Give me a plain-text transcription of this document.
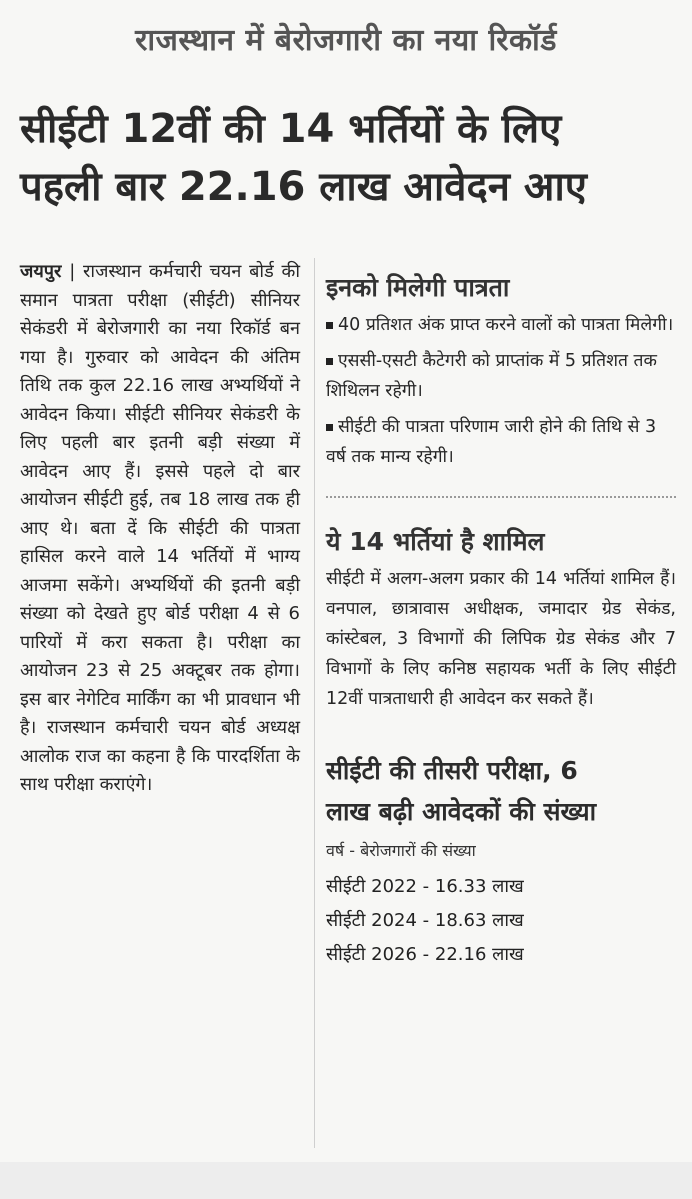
राजस्थान में बेरोजगारी का नया रिकॉर्ड
सीईटी 12वीं की 14 भर्तियों के लिए
पहली बार 22.16 लाख आवेदन आए
जयपुर | राजस्थान कर्मचारी चयन बोर्ड की समान पात्रता परीक्षा (सीईटी) सीनियर सेकंडरी में बेरोजगारी का नया रिकॉर्ड बन गया है। गुरुवार को आवेदन की अंतिम तिथि तक कुल 22.16 लाख अभ्यर्थियों ने आवेदन किया। सीईटी सीनियर सेकंडरी के लिए पहली बार इतनी बड़ी संख्या में आवेदन आए हैं। इससे पहले दो बार आयोजन सीईटी हुई, तब 18 लाख तक ही आए थे। बता दें कि सीईटी की पात्रता हासिल करने वाले 14 भर्तियों में भाग्य आजमा सकेंगे। अभ्यर्थियों की इतनी बड़ी संख्या को देखते हुए बोर्ड परीक्षा 4 से 6 पारियों में करा सकता है। परीक्षा का आयोजन 23 से 25 अक्टूबर तक होगा। इस बार नेगेटिव मार्किंग का भी प्रावधान भी है। राजस्थान कर्मचारी चयन बोर्ड अध्यक्ष आलोक राज का कहना है कि पारदर्शिता के साथ परीक्षा कराएंगे।
इनको मिलेगी पात्रता
40 प्रतिशत अंक प्राप्त करने वालों को पात्रता मिलेगी।
एससी-एसटी कैटेगरी को प्राप्तांक में 5 प्रतिशत तक शिथिलन रहेगी।
सीईटी की पात्रता परिणाम जारी होने की तिथि से 3 वर्ष तक मान्य रहेगी।
ये 14 भर्तियां है शामिल
सीईटी में अलग-अलग प्रकार की 14 भर्तियां शामिल हैं। वनपाल, छात्रावास अधीक्षक, जमादार ग्रेड सेकंड, कांस्टेबल, 3 विभागों की लिपिक ग्रेड सेकंड और 7 विभागों के लिए कनिष्ठ सहायक भर्ती के लिए सीईटी 12वीं पात्रताधारी ही आवेदन कर सकते हैं।
सीईटी की तीसरी परीक्षा, 6
लाख बढ़ी आवेदकों की संख्या
वर्ष - बेरोजगारों की संख्या
सीईटी 2022 - 16.33 लाख
सीईटी 2024 - 18.63 लाख
सीईटी 2026 - 22.16 लाख
